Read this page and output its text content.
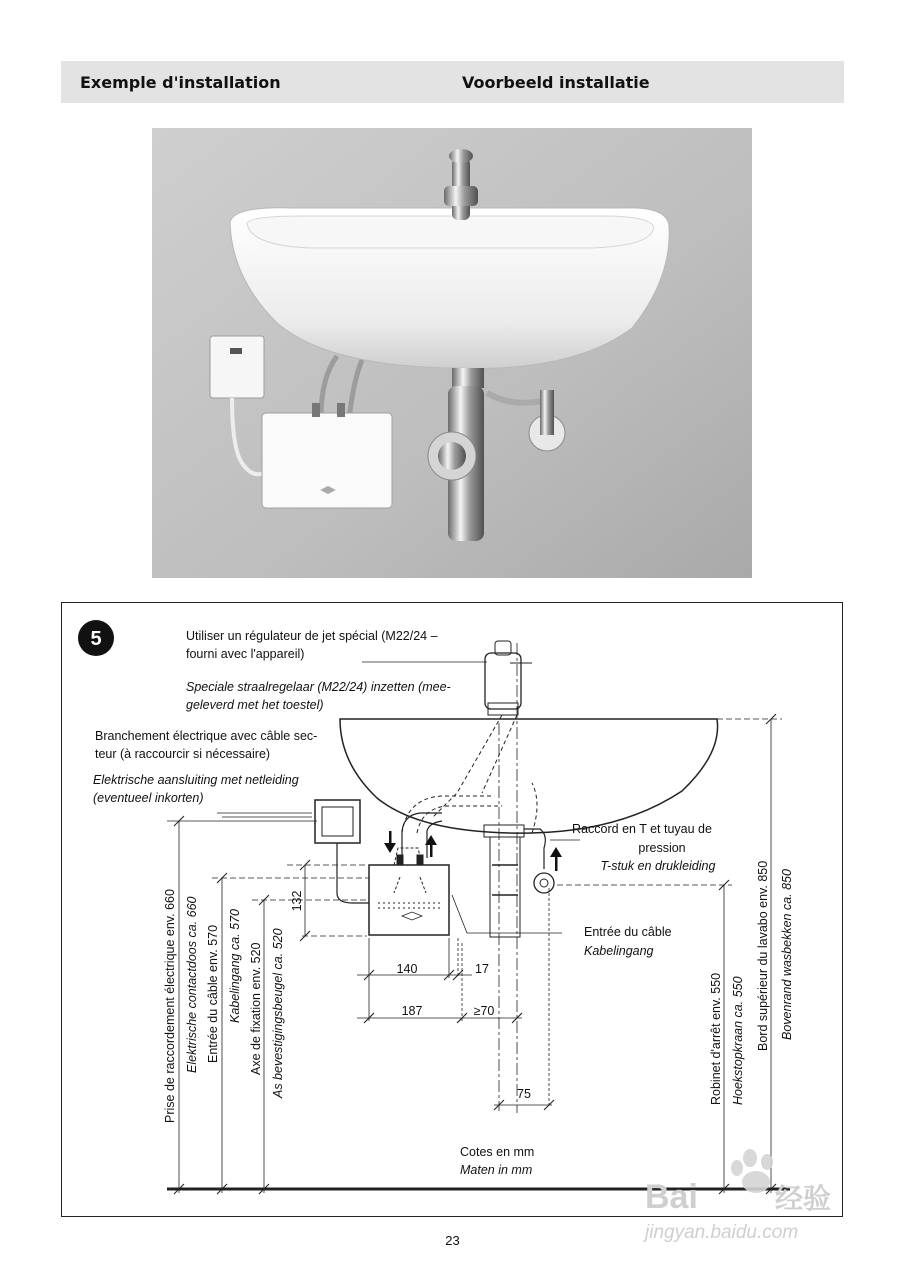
Exemple d'installation	Voorbeeld installatie
5	Utiliser un régulateur de jet spécial (M22/24 –
fourni avec l'appareil)
Speciale straalregelaar (M22/24) inzetten (mee-
geleverd met het toestel)
Branchement électrique avec câble sec-
teur (à raccourcir si nécessaire)
Elektrische aansluiting met netleiding
(eventueel inkorten)
Raccord en T et tuyau de
pression
T-stuk en drukleiding
Entrée du câble
Kabelingang
140	17
187	≥70
75
Cotes en mm
Maten in mm
132
Prise de raccordement électrique env. 660 Elektrische contactdoos ca. 660 Entrée du câble env. 570 Kabelingang ca. 570 Axe de fixation env. 520 As bevestigingsbeugel ca. 520	Robinet d'arrêt env. 550 Hoekstopkraan ca. 550 Bord supérieur du lavabo env. 850 Bovenrand wasbekken ca. 850
23
Bai	经验
jingyan.baidu.com
